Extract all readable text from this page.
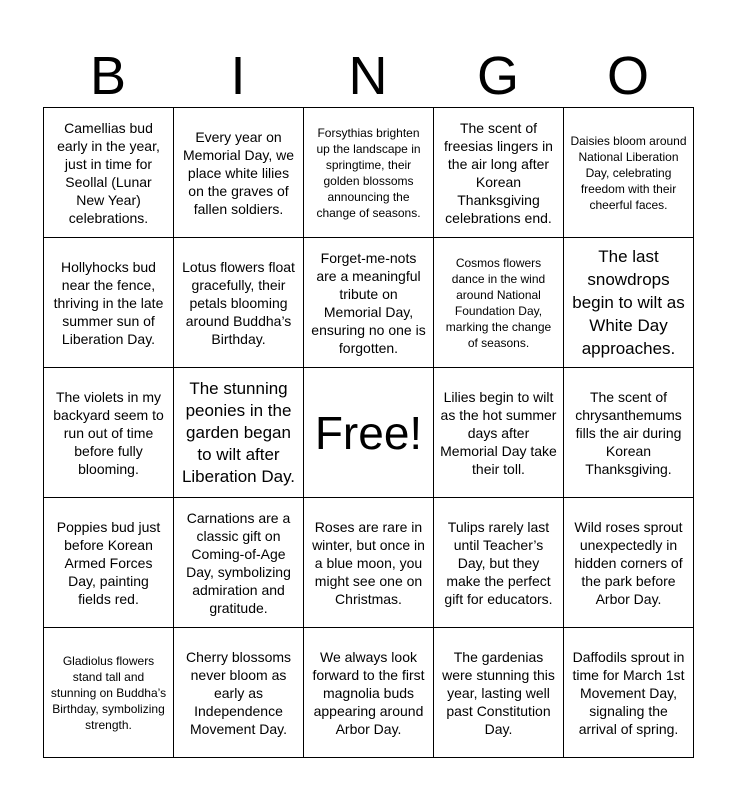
B	I	N	G	O
Camellias bud early in the year, just in time for Seollal (Lunar New Year) celebrations.	Every year on Memorial Day, we place white lilies on the graves of fallen soldiers.	Forsythias brighten up the landscape in springtime, their golden blossoms announcing the change of seasons.	The scent of freesias lingers in the air long after Korean Thanksgiving celebrations end.	Daisies bloom around National Liberation Day, celebrating freedom with their cheerful faces.
Hollyhocks bud near the fence, thriving in the late summer sun of Liberation Day.	Lotus flowers float gracefully, their petals blooming around Buddha’s Birthday.	Forget-me-nots are a meaningful tribute on Memorial Day, ensuring no one is forgotten.	Cosmos flowers dance in the wind around National Foundation Day, marking the change of seasons.	The last snowdrops begin to wilt as White Day approaches.
The violets in my backyard seem to run out of time before fully blooming.	The stunning peonies in the garden began to wilt after Liberation Day.	Free!	Lilies begin to wilt as the hot summer days after Memorial Day take their toll.	The scent of chrysanthemums fills the air during Korean Thanksgiving.
Poppies bud just before Korean Armed Forces Day, painting fields red.	Carnations are a classic gift on Coming-of-Age Day, symbolizing admiration and gratitude.	Roses are rare in winter, but once in a blue moon, you might see one on Christmas.	Tulips rarely last until Teacher’s Day, but they make the perfect gift for educators.	Wild roses sprout unexpectedly in hidden corners of the park before Arbor Day.
Gladiolus flowers stand tall and stunning on Buddha’s Birthday, symbolizing strength.	Cherry blossoms never bloom as early as Independence Movement Day.	We always look forward to the first magnolia buds appearing around Arbor Day.	The gardenias were stunning this year, lasting well past Constitution Day.	Daffodils sprout in time for March 1st Movement Day, signaling the arrival of spring.
